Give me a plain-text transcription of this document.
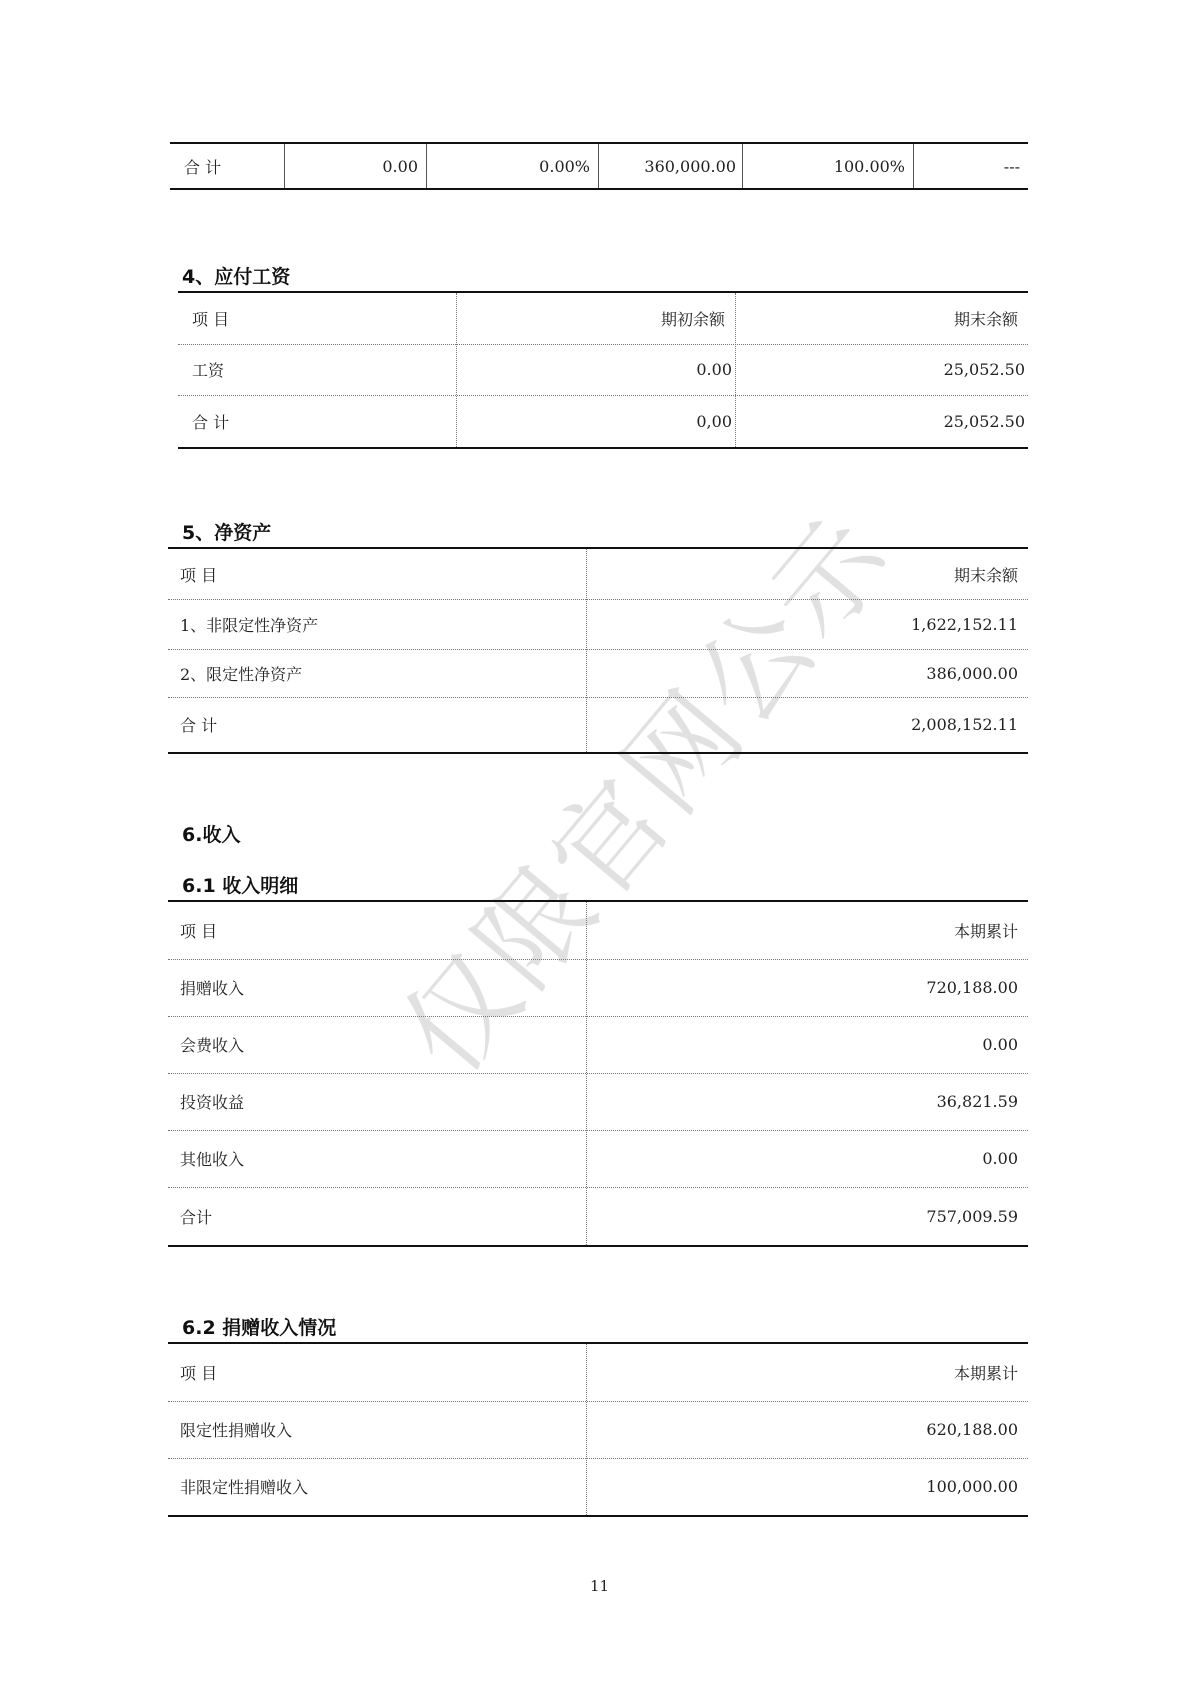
仅限官网公示
合 计	0.00	0.00%	360,000.00	100.00%	---
4、应付工资
项 目	期初余额	期末余额
工资	0.00	25,052.50
合 计	0,00	25,052.50
5、净资产
项 目	期末余额
1、非限定性净资产	1,622,152.11
2、限定性净资产	386,000.00
合 计	2,008,152.11
6.收入
6.1 收入明细
项 目	本期累计
捐赠收入	720,188.00
会费收入	0.00
投资收益	36,821.59
其他收入	0.00
合计	757,009.59
6.2 捐赠收入情况
项 目	本期累计
限定性捐赠收入	620,188.00
非限定性捐赠收入	100,000.00
11
